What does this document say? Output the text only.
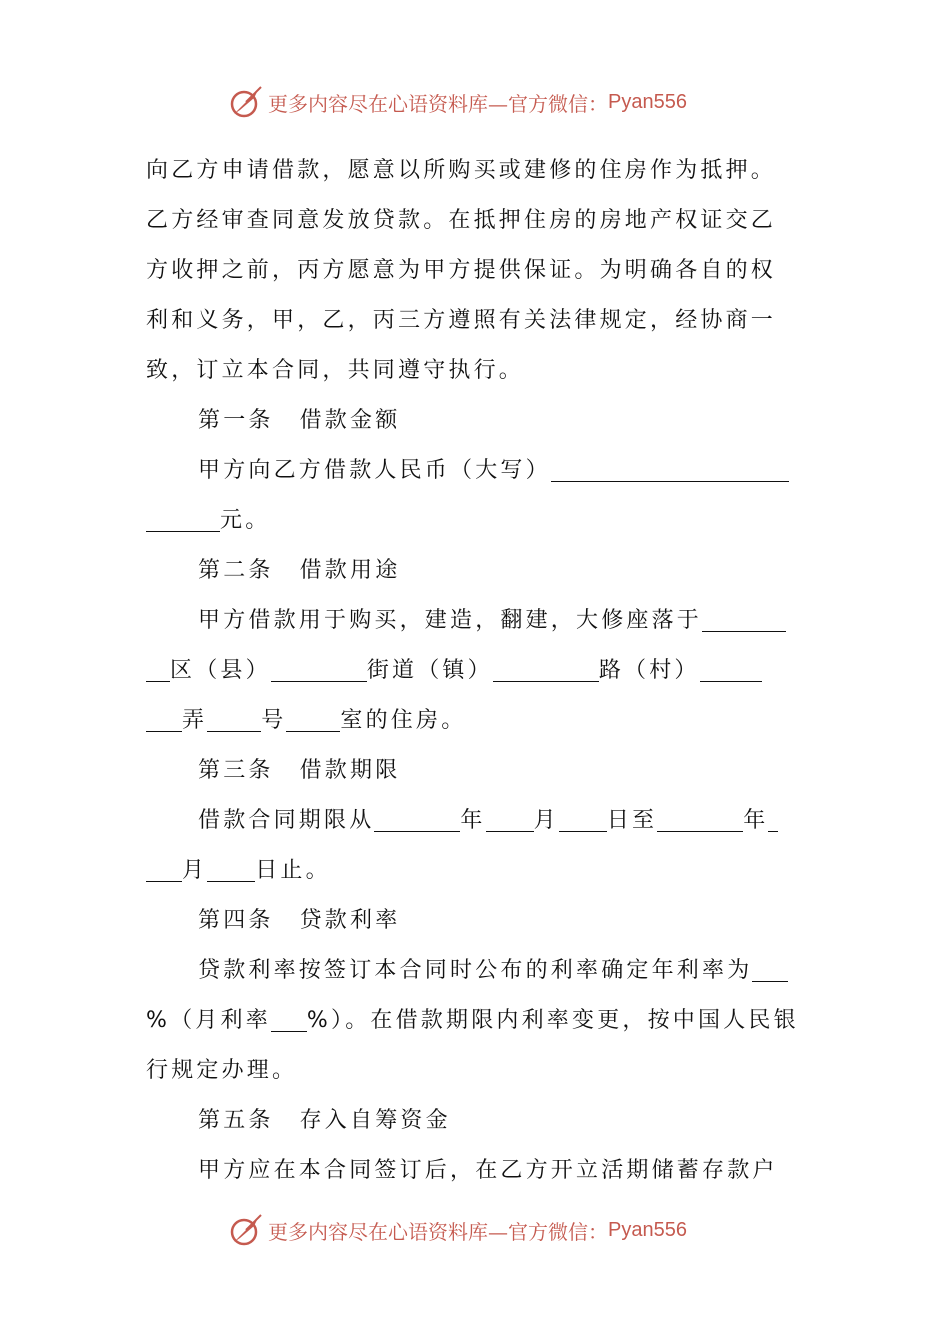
更多内容尽在心语资料库—官方微信： Pyan556
向乙方申请借款，愿意以所购买或建修的住房作为抵押。
乙方经审查同意发放贷款。在抵押住房的房地产权证交乙
方收押之前，丙方愿意为甲方提供保证。为明确各自的权
利和义务，甲，乙，丙三方遵照有关法律规定，经协商一
致，订立本合同，共同遵守执行。
第一条 借款金额
甲方向乙方借款人民币（大写）
元。
第二条 借款用途
甲方借款用于购买，建造，翻建，大修座落于
区（县）	街道（镇）	路（村）
弄 号 室的住房。
第三条 借款期限
借款合同期限从	年 月 日至	年
月 日止。
第四条 贷款利率
贷款利率按签订本合同时公布的利率确定年利率为
%（月利率 %）。在借款期限内利率变更，按中国人民银
行规定办理。
第五条 存入自筹资金
甲方应在本合同签订后，在乙方开立活期储蓄存款户
更多内容尽在心语资料库—官方微信： Pyan556
